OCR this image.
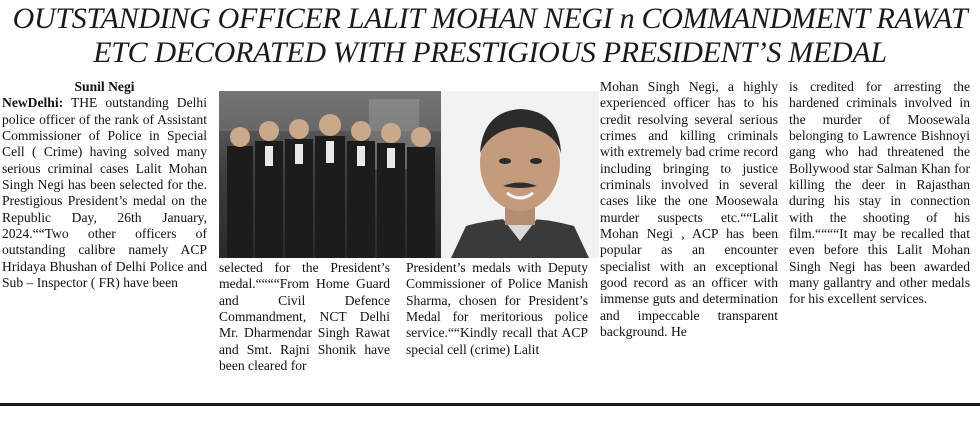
OUTSTANDING OFFICER LALIT MOHAN NEGI n COMMANDMENT RAWAT
ETC DECORATED WITH PRESTIGIOUS PRESIDENT’S MEDAL
Sunil Negi

NewDelhi: THE outstanding Delhi police officer of the rank of Assistant Commissioner of Police in Special Cell ( Crime) having solved many serious criminal cases Lalit Mohan Singh Negi has been selected for the. Prestigious President’s medal on the Republic Day, 26th January, 2024.““Two other officers of outstanding calibre namely ACP Hridaya Bhushan of Delhi Police and Sub – Inspector ( FR) have been

selected for the President’s medal.““““From Home Guard and Civil Defence Commandment, NCT Delhi Mr. Dharmendar Singh Rawat and Smt. Rajni Shonik have been cleared for

President’s medals with Deputy Commissioner of Police Manish Sharma, chosen for President’s Medal for meritorious police service.““Kindly recall that ACP special cell (crime) Lalit

Mohan Singh Negi, a highly experienced officer has to his credit resolving several serious crimes and killing criminals with extremely bad crime record including bringing to justice criminals involved in several cases like the one Moosewala murder suspects etc.““Lalit Mohan Negi , ACP has been popular as an encounter specialist with an exceptional good record as an officer with immense guts and determination and impeccable transparent background. He

is credited for arresting the hardened criminals involved in the murder of Moosewala belonging to Lawrence Bishnoyi gang who had threatened the Bollywood star Salman Khan for killing the deer in Rajasthan during his stay in connection with the shooting of his film.““““It may be recalled that even before this Lalit Mohan Singh Negi has been awarded many gallantry and other medals for his excellent services.
